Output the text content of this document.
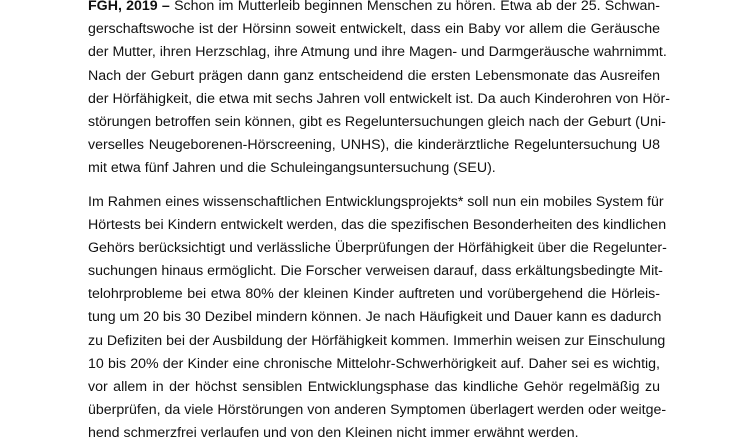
FGH, 2019 – Schon im Mutterleib beginnen Menschen zu hören. Etwa ab der 25. Schwan-
gerschaftswoche ist der Hörsinn soweit entwickelt, dass ein Baby vor allem die Geräusche
der Mutter, ihren Herzschlag, ihre Atmung und ihre Magen- und Darmgeräusche wahrnimmt.
Nach der Geburt prägen dann ganz entscheidend die ersten Lebensmonate das Ausreifen
der Hörfähigkeit, die etwa mit sechs Jahren voll entwickelt ist. Da auch Kinderohren von Hör-
störungen betroffen sein können, gibt es Regeluntersuchungen gleich nach der Geburt (Uni-
verselles Neugeborenen-Hörscreening, UNHS), die kinderärztliche Regeluntersuchung U8
mit etwa fünf Jahren und die Schuleingangsuntersuchung (SEU).
Im Rahmen eines wissenschaftlichen Entwicklungsprojekts* soll nun ein mobiles System für
Hörtests bei Kindern entwickelt werden, das die spezifischen Besonderheiten des kindlichen
Gehörs berücksichtigt und verlässliche Überprüfungen der Hörfähigkeit über die Regelunter-
suchungen hinaus ermöglicht. Die Forscher verweisen darauf, dass erkältungsbedingte Mit-
telohrprobleme bei etwa 80% der kleinen Kinder auftreten und vorübergehend die Hörleis-
tung um 20 bis 30 Dezibel mindern können. Je nach Häufigkeit und Dauer kann es dadurch
zu Defiziten bei der Ausbildung der Hörfähigkeit kommen. Immerhin weisen zur Einschulung
10 bis 20% der Kinder eine chronische Mittelohr-Schwerhörigkeit auf. Daher sei es wichtig,
vor allem in der höchst sensiblen Entwicklungsphase das kindliche Gehör regelmäßig zu
überprüfen, da viele Hörstörungen von anderen Symptomen überlagert werden oder weitge-
hend schmerzfrei verlaufen und von den Kleinen nicht immer erwähnt werden.
